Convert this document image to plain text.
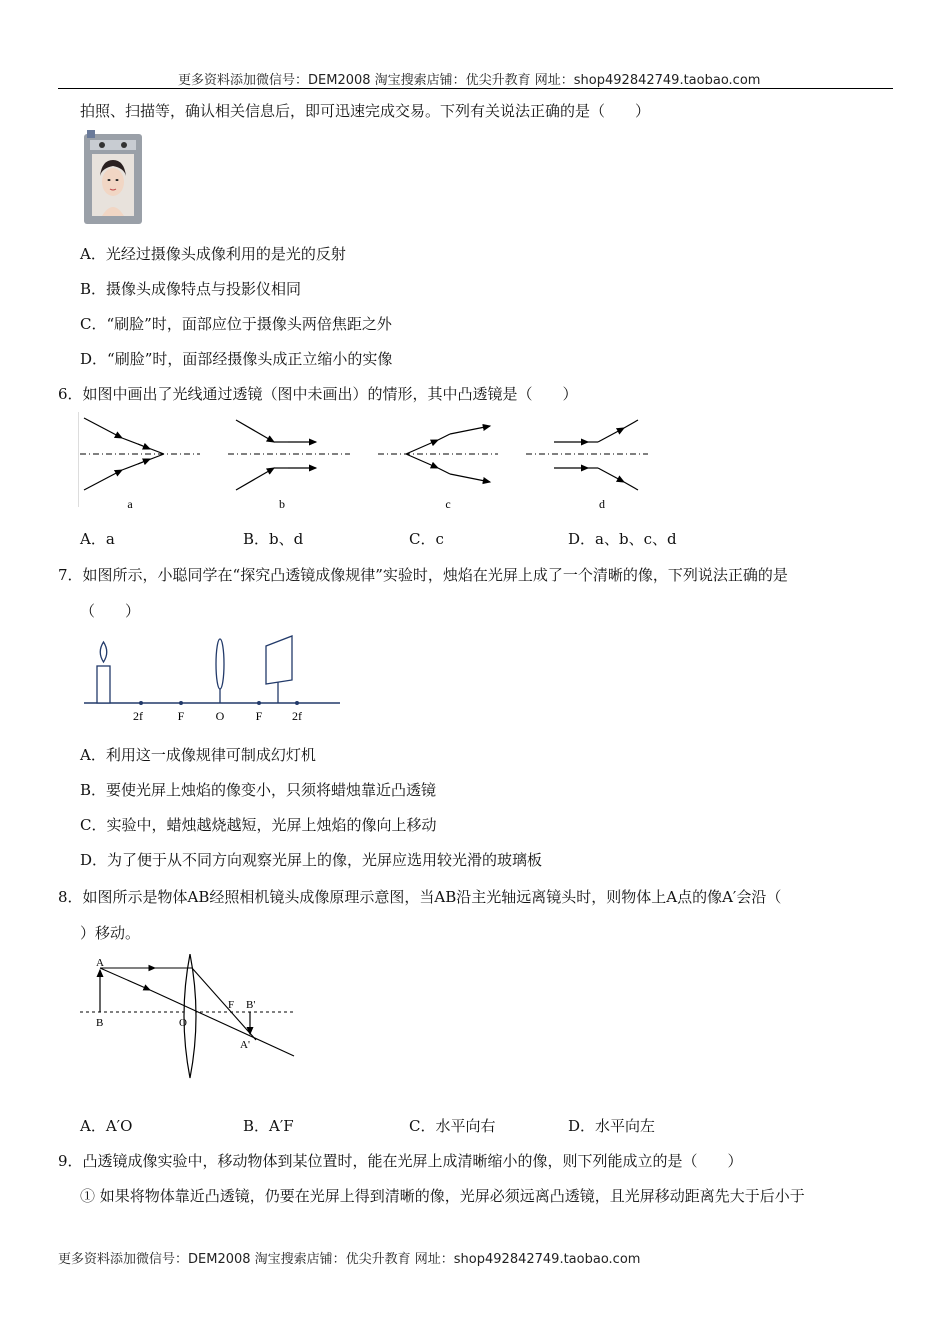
更多资料添加微信号：DEM2008 淘宝搜索店铺：优尖升教育 网址：shop492842749.taobao.com
拍照、扫描等，确认相关信息后，即可迅速完成交易。下列有关说法正确的是（　　）
A．光经过摄像头成像利用的是光的反射
B．摄像头成像特点与投影仪相同
C．“刷脸”时，面部应位于摄像头两倍焦距之外
D．“刷脸”时，面部经摄像头成正立缩小的实像
6．如图中画出了光线通过透镜（图中未画出）的情形，其中凸透镜是（　　）
a	b	c	d
A．a	B．b、d	C．c	D．a、b、c、d
7．如图所示，小聪同学在“探究凸透镜成像规律”实验时，烛焰在光屏上成了一个清晰的像，下列说法正确的是
（　　）
2f	F	O	F 2f
A．利用这一成像规律可制成幻灯机
B．要使光屏上烛焰的像变小，只须将蜡烛靠近凸透镜
C．实验中，蜡烛越烧越短，光屏上烛焰的像向上移动
D．为了便于从不同方向观察光屏上的像，光屏应选用较光滑的玻璃板
8．如图所示是物体AB经照相机镜头成像原理示意图，当AB沿主光轴远离镜头时，则物体上A点的像A′会沿（
）移动。
A
B	O
F B'
A'
A．A′O	B．A′F	C．水平向右	D．水平向左
9．凸透镜成像实验中，移动物体到某位置时，能在光屏上成清晰缩小的像，则下列能成立的是（　　）
① 如果将物体靠近凸透镜，仍要在光屏上得到清晰的像，光屏必须远离凸透镜，且光屏移动距离先大于后小于
更多资料添加微信号：DEM2008 淘宝搜索店铺：优尖升教育 网址：shop492842749.taobao.com
